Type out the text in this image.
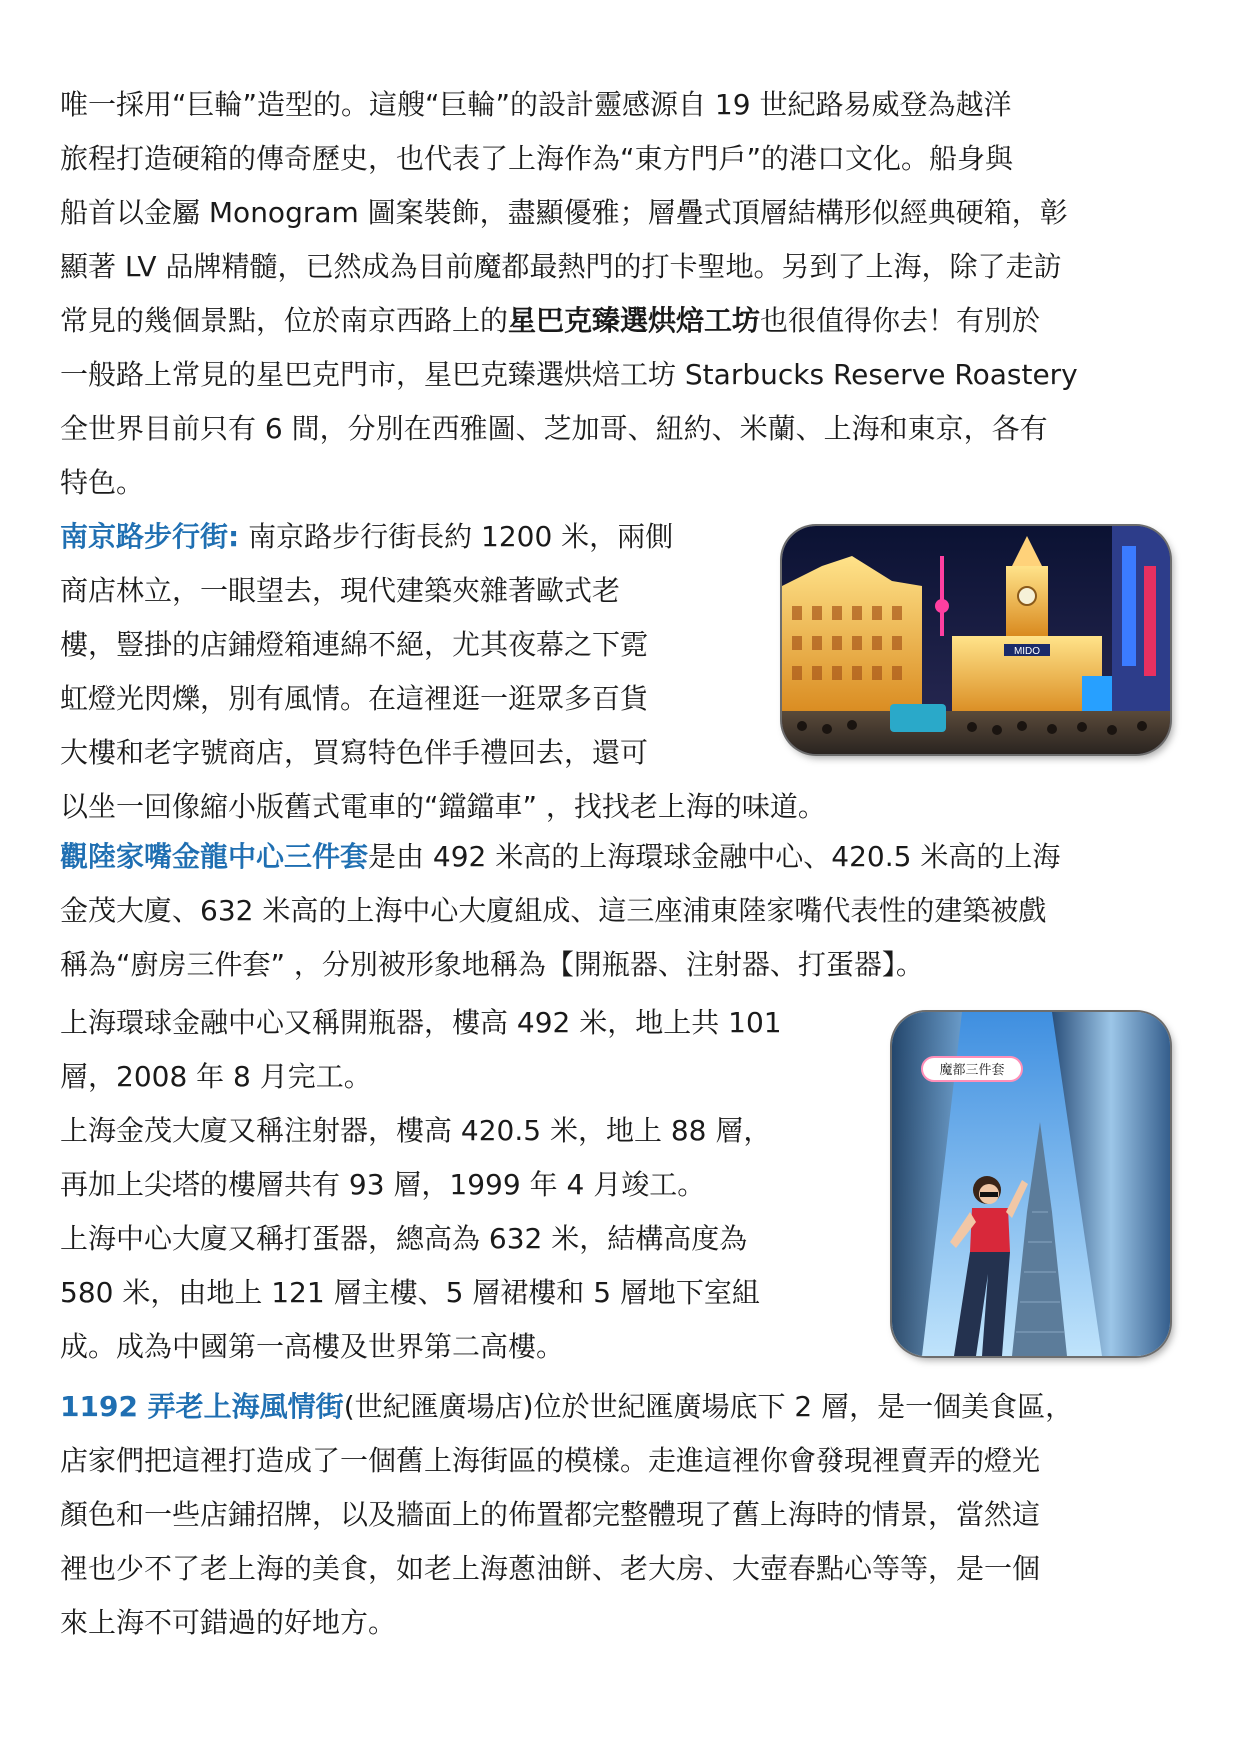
唯一採用“巨輪”造型的。這艘“巨輪”的設計靈感源自 19 世紀路易威登為越洋
旅程打造硬箱的傳奇歷史，也代表了上海作為“東方門戶”的港口文化。船身與
船首以金屬 Monogram 圖案裝飾，盡顯優雅；層疊式頂層結構形似經典硬箱，彰
顯著 LV 品牌精髓，已然成為目前魔都最熱門的打卡聖地。另到了上海，除了走訪
常見的幾個景點，位於南京西路上的星巴克臻選烘焙工坊也很值得你去！有別於
一般路上常見的星巴克門市，星巴克臻選烘焙工坊 Starbucks Reserve Roastery
全世界目前只有 6 間，分別在西雅圖、芝加哥、紐約、米蘭、上海和東京，各有
特色。

南京路步行街: 南京路步行街長約 1200 米，兩側
商店林立，一眼望去，現代建築夾雜著歐式老
樓，豎掛的店鋪燈箱連綿不絕，尤其夜幕之下霓
虹燈光閃爍，別有風情。在這裡逛一逛眾多百貨
大樓和老字號商店，買寫特色伴手禮回去，還可
以坐一回像縮小版舊式電車的“鐺鐺車” ，找找老上海的味道。

MIDO

觀陸家嘴金龍中心三件套是由 492 米高的上海環球金融中心、420.5 米高的上海
金茂大廈、632 米高的上海中心大廈組成、這三座浦東陸家嘴代表性的建築被戲
稱為“廚房三件套” ，分別被形象地稱為【開瓶器、注射器、打蛋器】。

上海環球金融中心又稱開瓶器，樓高 492 米，地上共 101
層，2008 年 8 月完工。
上海金茂大廈又稱注射器，樓高 420.5 米，地上 88 層，
再加上尖塔的樓層共有 93 層，1999 年 4 月竣工。
上海中心大廈又稱打蛋器，總高為 632 米，結構高度為
580 米，由地上 121 層主樓、5 層裙樓和 5 層地下室組
成。成為中國第一高樓及世界第二高樓。

魔都三件套

1192 弄老上海風情街(世紀匯廣場店)位於世紀匯廣場底下 2 層，是一個美食區，
店家們把這裡打造成了一個舊上海街區的模樣。走進這裡你會發現裡賣弄的燈光
顏色和一些店鋪招牌，以及牆面上的佈置都完整體現了舊上海時的情景，當然這
裡也少不了老上海的美食，如老上海蔥油餅、老大房、大壺春點心等等，是一個
來上海不可錯過的好地方。
